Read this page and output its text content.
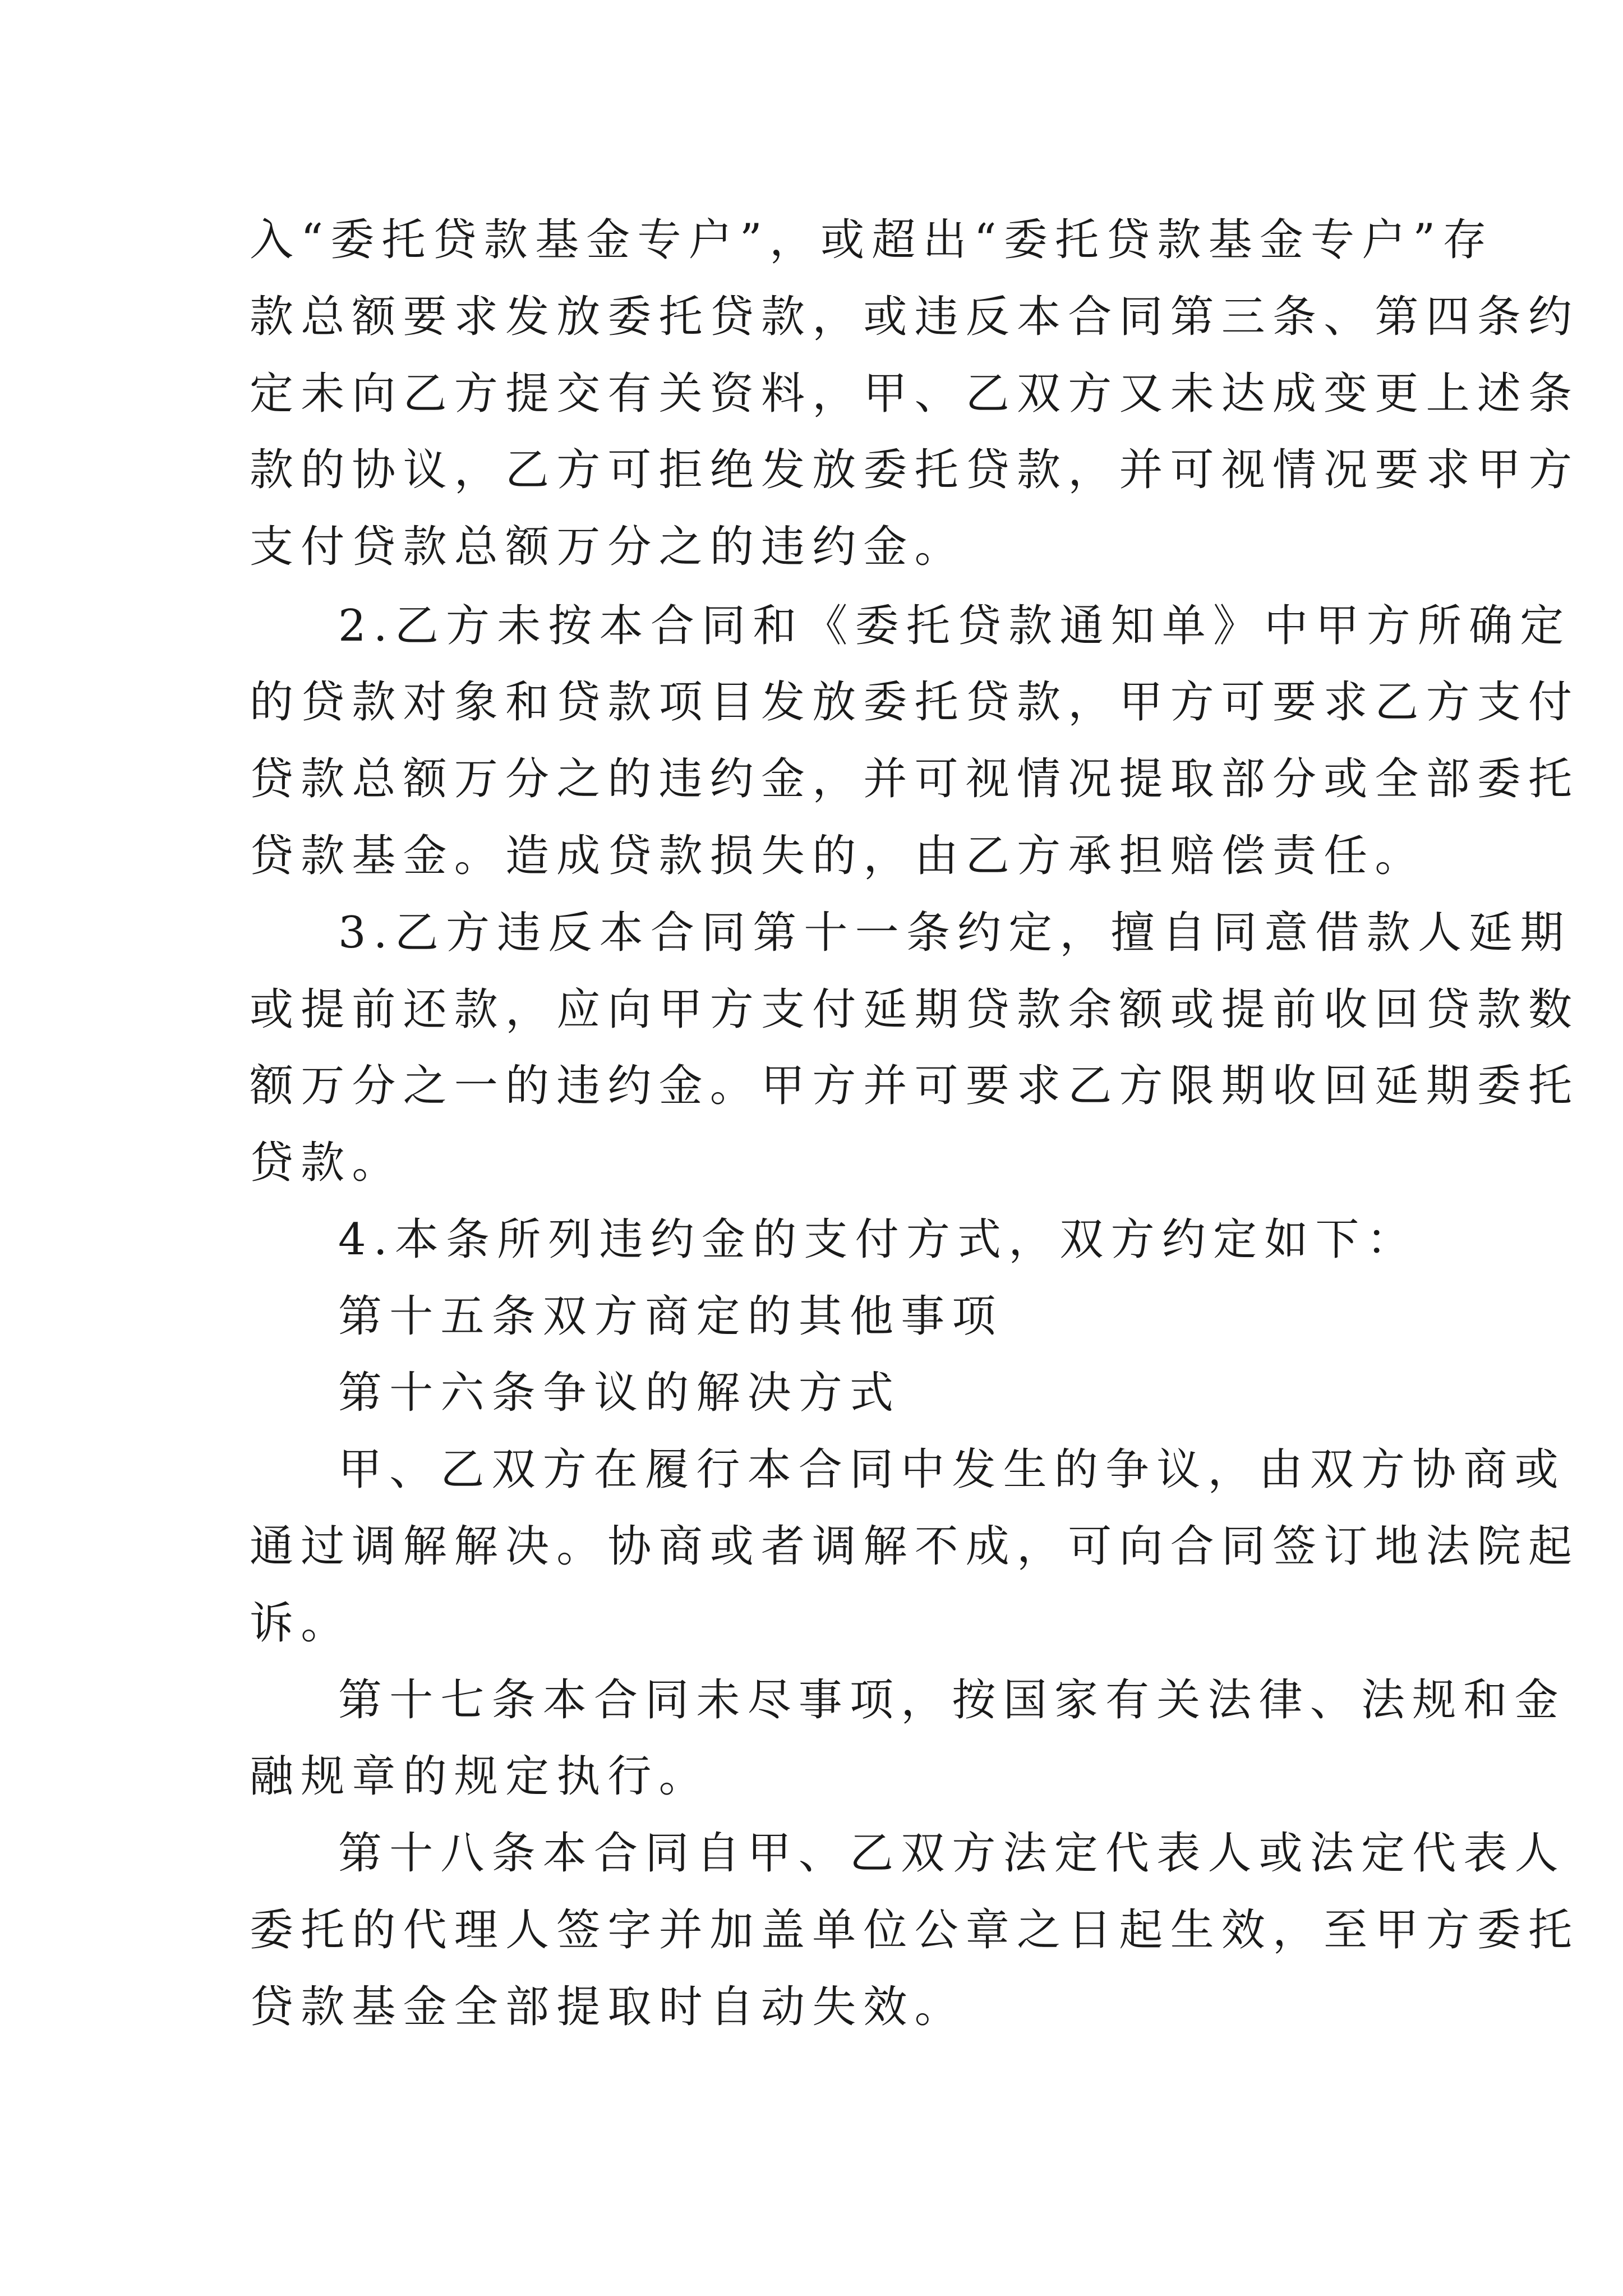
入“委托贷款基金专户”，或超出“委托贷款基金专户”存

款总额要求发放委托贷款，或违反本合同第三条、第四条约

定未向乙方提交有关资料，甲、乙双方又未达成变更上述条

款的协议，乙方可拒绝发放委托贷款，并可视情况要求甲方

支付贷款总额万分之的违约金。

2.乙方未按本合同和《委托贷款通知单》中甲方所确定

的贷款对象和贷款项目发放委托贷款，甲方可要求乙方支付

贷款总额万分之的违约金，并可视情况提取部分或全部委托

贷款基金。造成贷款损失的，由乙方承担赔偿责任。

3.乙方违反本合同第十一条约定，擅自同意借款人延期

或提前还款，应向甲方支付延期贷款余额或提前收回贷款数

额万分之一的违约金。甲方并可要求乙方限期收回延期委托

贷款。

4.本条所列违约金的支付方式，双方约定如下：

第十五条双方商定的其他事项

第十六条争议的解决方式

甲、乙双方在履行本合同中发生的争议，由双方协商或

通过调解解决。协商或者调解不成，可向合同签订地法院起

诉。

第十七条本合同未尽事项，按国家有关法律、法规和金

融规章的规定执行。

第十八条本合同自甲、乙双方法定代表人或法定代表人

委托的代理人签字并加盖单位公章之日起生效，至甲方委托

贷款基金全部提取时自动失效。
